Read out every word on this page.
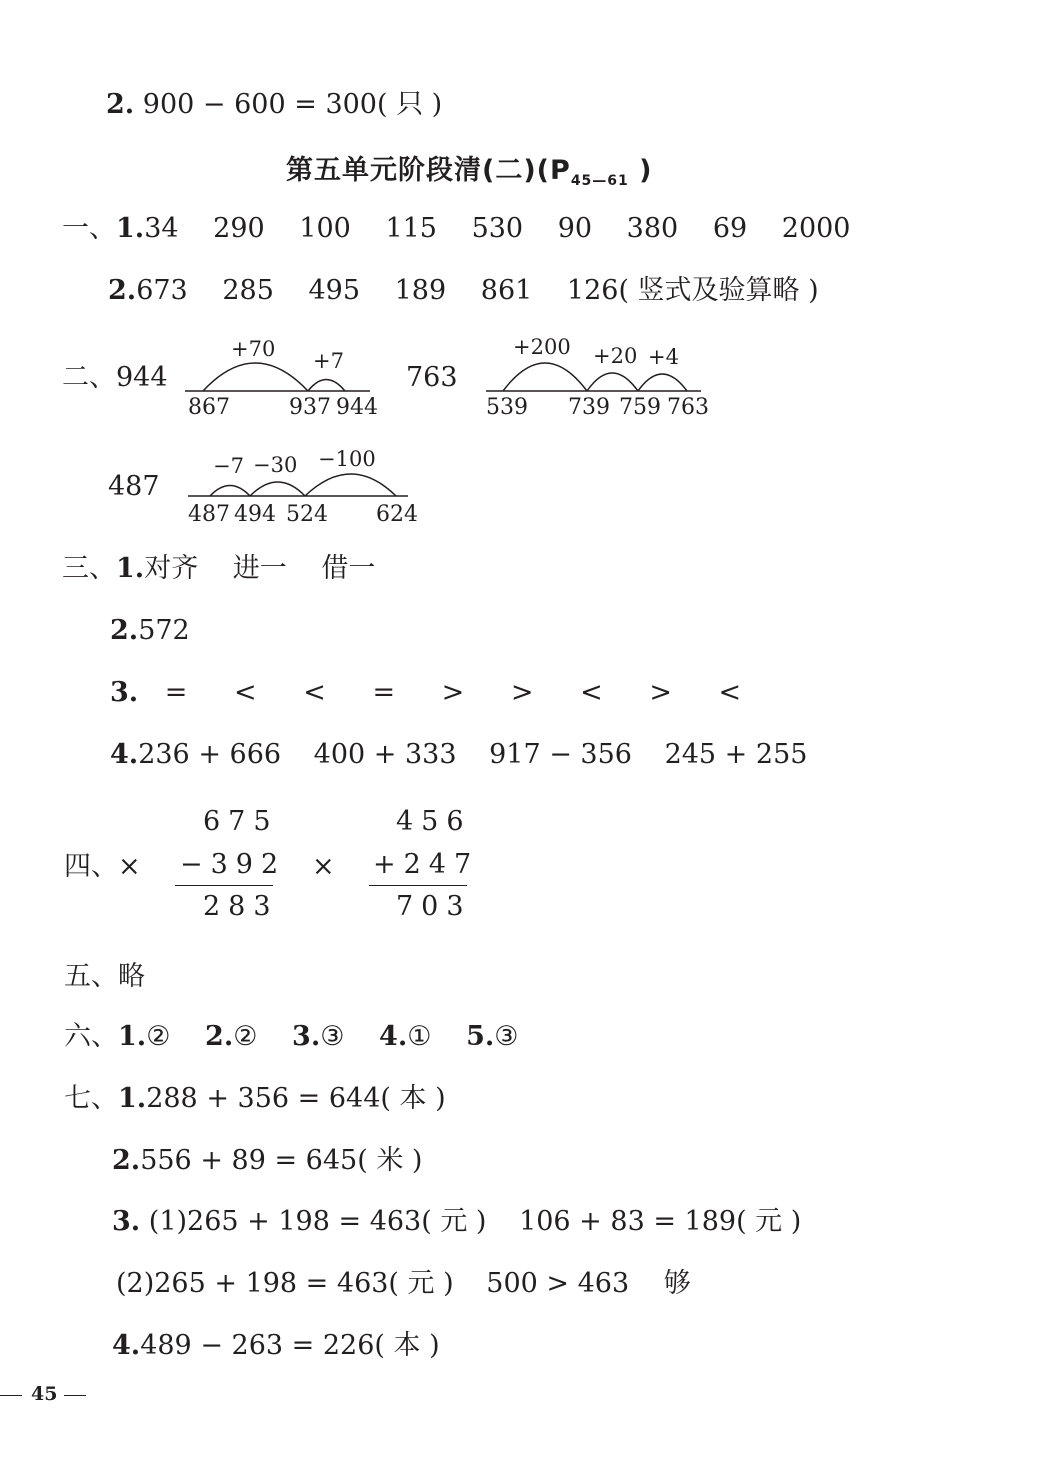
2. 900 − 600 = 300( 只 )
第五单元阶段清(二)($P_{45—61}$ )
一、1.34 290 100 115 530 90 380 69 2000
2.673 285 495 189 861 126( 竖式及验算略 )
二、944	763
487
+70 +7
867	937 944
+200 +20 +4
539 739 759 763
−7 −30 −100
487 494 524 624
三、1.对齐 进一 借一
2.572
3. = < < = > > < > <
4.236 + 666 400 + 333 917 − 356 245 + 255
四、×	×
675
−392
283
456
+247
703
五、略
六、1.② 2.② 3.③ 4.① 5.③
七、1.288 + 356 = 644( 本 )
2.556 + 89 = 645( 米 )
3. (1)265 + 198 = 463( 元 ) 106 + 83 = 189( 元 )
(2)265 + 198 = 463( 元 ) 500 > 463 够
4.489 − 263 = 226( 本 )
45
